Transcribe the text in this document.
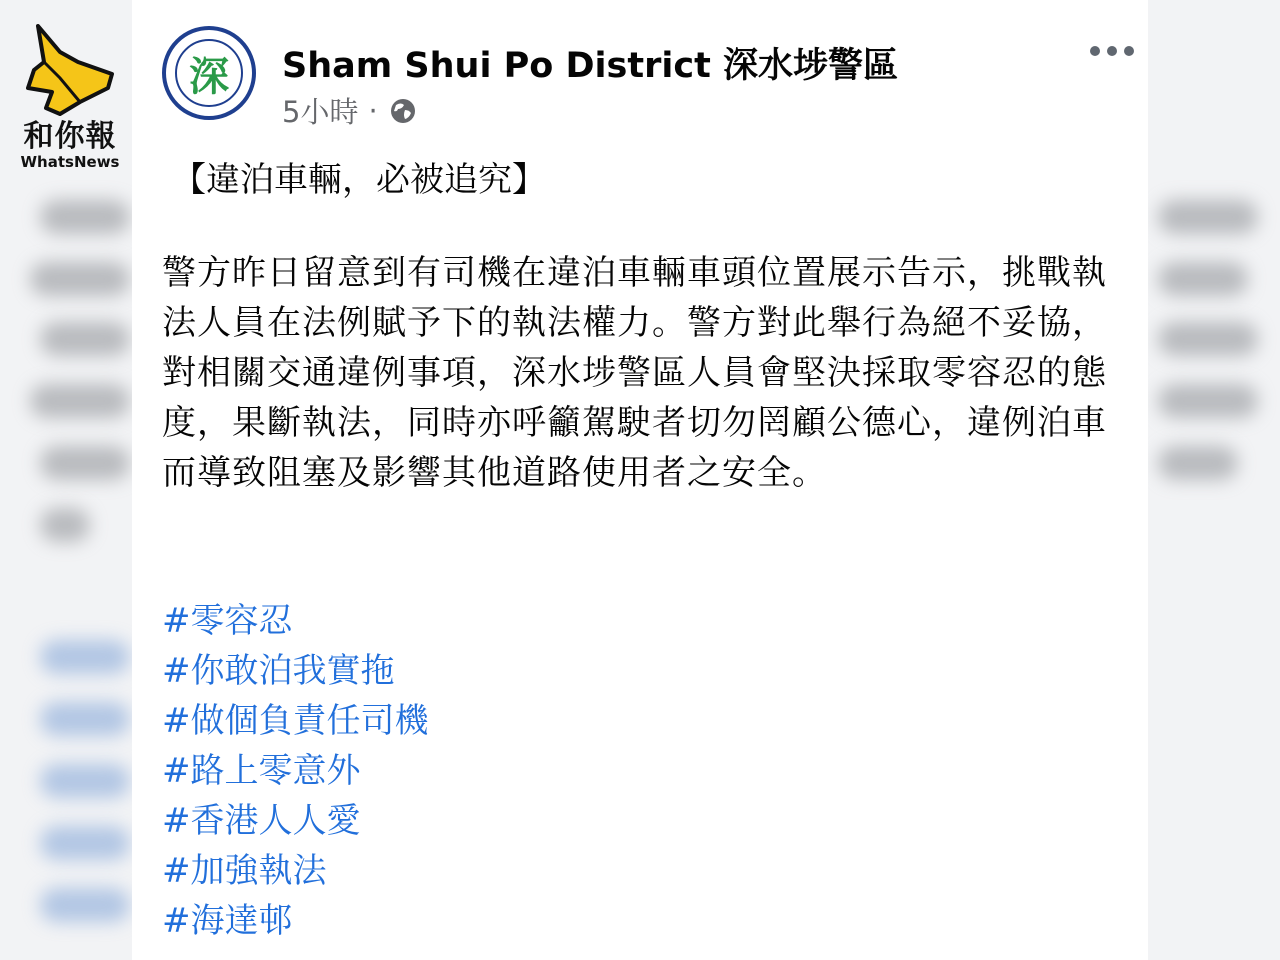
和你報
WhatsNews
深	Sham Shui Po District 深水埗警區
5小時 ·
【違泊車輛，必被追究】
警方昨日留意到有司機在違泊車輛車頭位置展示告示，挑戰執法人員在法例賦予下的執法權力。警方對此舉行為絕不妥協，對相關交通違例事項，深水埗警區人員會堅決採取零容忍的態度，果斷執法，同時亦呼籲駕駛者切勿罔顧公德心，違例泊車而導致阻塞及影響其他道路使用者之安全。
#零容忍
#你敢泊我實拖
#做個負責任司機
#路上零意外
#香港人人愛
#加強執法
#海達邨
